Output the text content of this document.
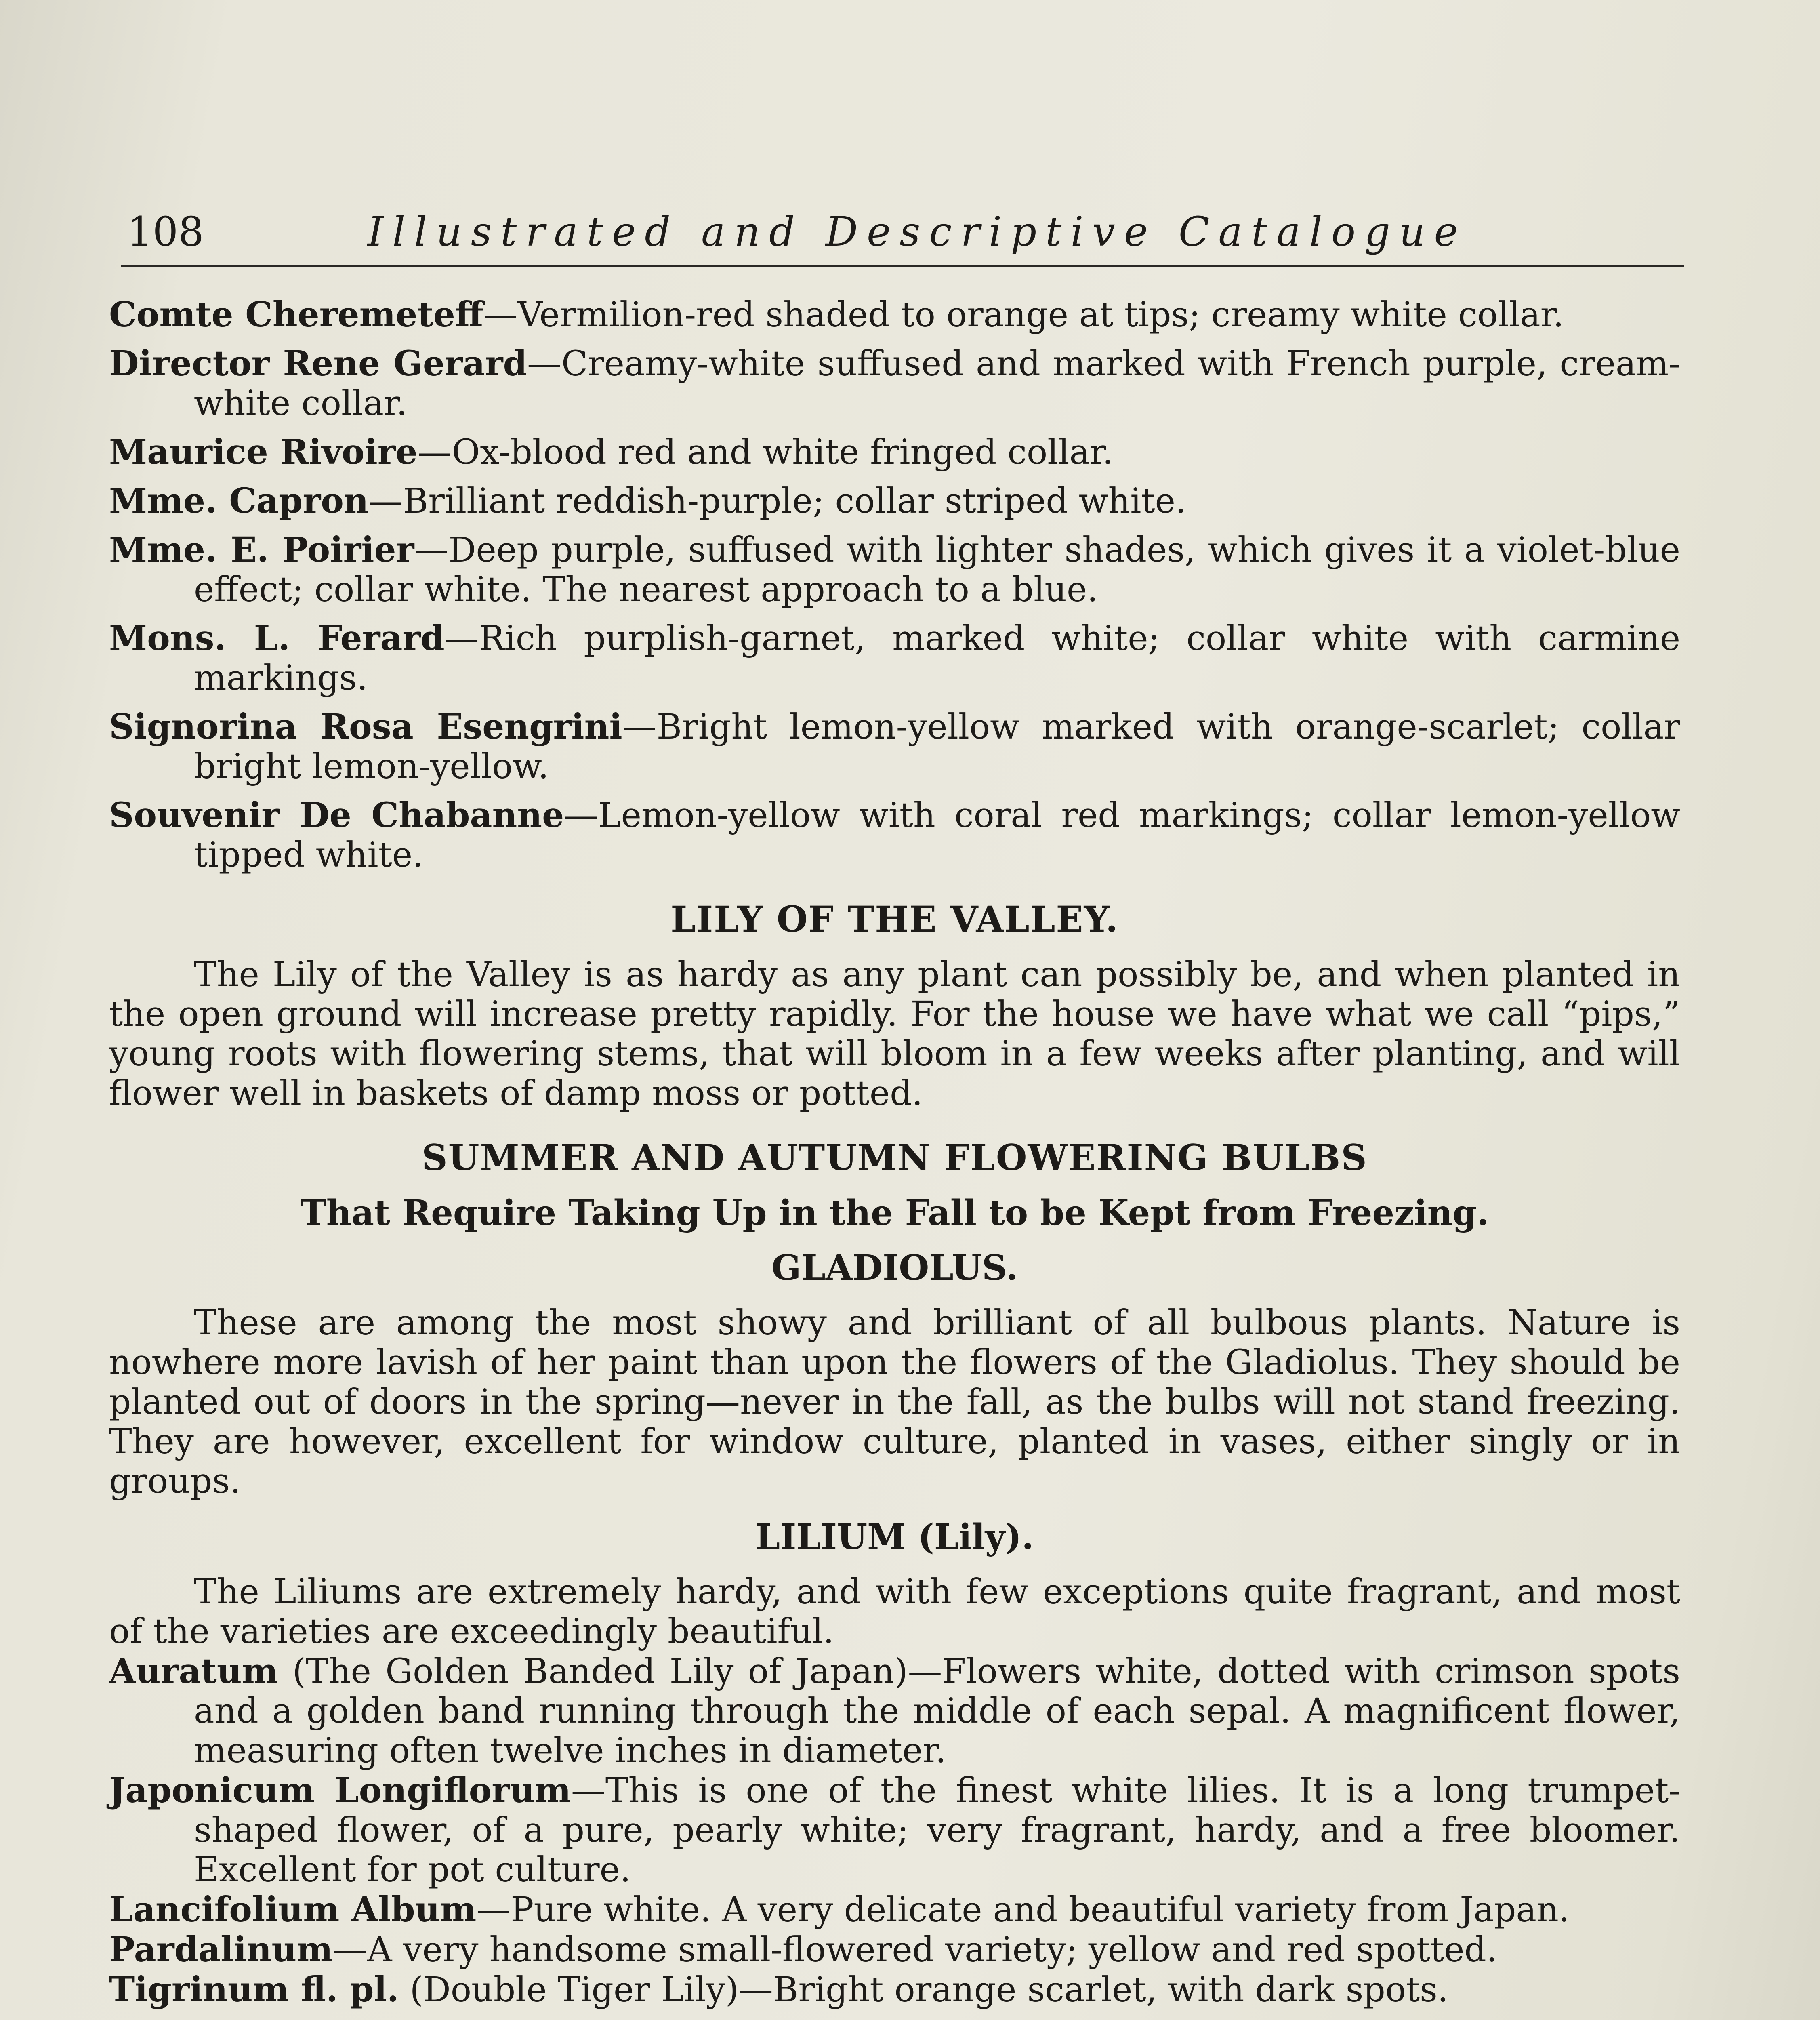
108	Illustrated and Descriptive Catalogue

Comte Cheremeteff—Vermilion-red shaded to orange at tips; creamy white collar.

Director Rene Gerard—Creamy-white suffused and marked with French purple, cream-white collar.

Maurice Rivoire—Ox-blood red and white fringed collar.

Mme. Capron—Brilliant reddish-purple; collar striped white.

Mme. E. Poirier—Deep purple, suffused with lighter shades, which gives it a violet-blue effect; collar white. The nearest approach to a blue.

Mons. L. Ferard—Rich purplish-garnet, marked white; collar white with carmine markings.

Signorina Rosa Esengrini—Bright lemon-yellow marked with orange-scarlet; collar bright lemon-yellow.

Souvenir De Chabanne—Lemon-yellow with coral red markings; collar lemon-yellow tipped white.

LILY OF THE VALLEY.

The Lily of the Valley is as hardy as any plant can possibly be, and when planted in the open ground will increase pretty rapidly. For the house we have what we call “pips,” young roots with flowering stems, that will bloom in a few weeks after planting, and will flower well in baskets of damp moss or potted.

SUMMER AND AUTUMN FLOWERING BULBS
That Require Taking Up in the Fall to be Kept from Freezing.
GLADIOLUS.

These are among the most showy and brilliant of all bulbous plants. Nature is nowhere more lavish of her paint than upon the flowers of the Gladiolus. They should be planted out of doors in the spring—never in the fall, as the bulbs will not stand freezing. They are however, excellent for window culture, planted in vases, either singly or in groups.

LILIUM (Lily).

The Liliums are extremely hardy, and with few exceptions quite fragrant, and most of the varieties are exceedingly beautiful.

Auratum (The Golden Banded Lily of Japan)—Flowers white, dotted with crimson spots and a golden band running through the middle of each sepal. A magnificent flower, measuring often twelve inches in diameter.

Japonicum Longiflorum—This is one of the finest white lilies. It is a long trumpet-shaped flower, of a pure, pearly white; very fragrant, hardy, and a free bloomer. Excellent for pot culture.

Lancifolium Album—Pure white. A very delicate and beautiful variety from Japan.

Pardalinum—A very handsome small-flowered variety; yellow and red spotted.

Tigrinum fl. pl. (Double Tiger Lily)—Bright orange scarlet, with dark spots.
